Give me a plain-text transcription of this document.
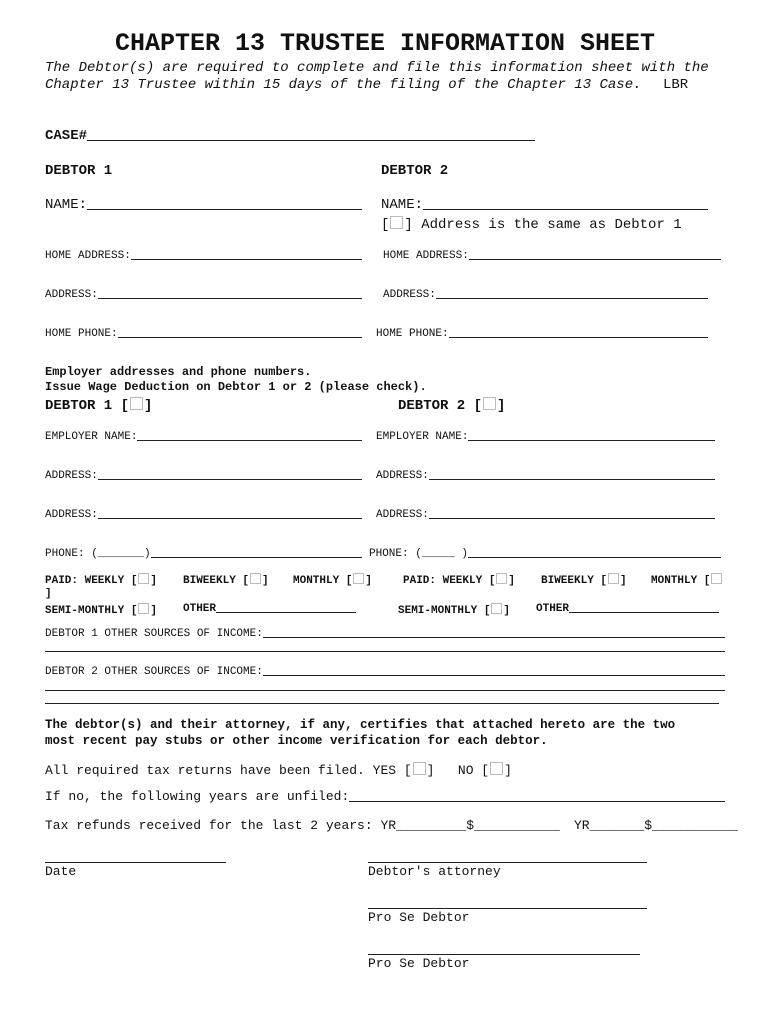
CHAPTER 13 TRUSTEE INFORMATION SHEET
The Debtor(s) are required to complete and file this information sheet with the
Chapter 13 Trustee within 15 days of the filing of the Chapter 13 Case. LBR
CASE#
DEBTOR 1	DEBTOR 2
NAME:	NAME:
[ ] Address is the same as Debtor 1
HOME ADDRESS:	HOME ADDRESS:
ADDRESS:	ADDRESS:
HOME PHONE:	HOME PHONE:
Employer addresses and phone numbers.
Issue Wage Deduction on Debtor 1 or 2 (please check).
DEBTOR 1 [ ]	DEBTOR 2 [ ]
EMPLOYER NAME:	EMPLOYER NAME:
ADDRESS:	ADDRESS:
ADDRESS:	ADDRESS:
PHONE: (_______)	PHONE: (_____ )
PAID: WEEKLY [ ] BIWEEKLY [ ] MONTHLY [ ]	PAID: WEEKLY [ ] BIWEEKLY [ ] MONTHLY [
]
SEMI-MONTHLY [ ] OTHER	SEMI-MONTHLY [ ] OTHER
DEBTOR 1 OTHER SOURCES OF INCOME:
DEBTOR 2 OTHER SOURCES OF INCOME:
The debtor(s) and their attorney, if any, certifies that attached hereto are the two
most recent pay stubs or other income verification for each debtor.
All required tax returns have been filed. YES [ ] NO [ ]
If no, the following years are unfiled:
Tax refunds received for the last 2 years: YR_________$___________ YR_______$___________
Date	Debtor's attorney
Pro Se Debtor
Pro Se Debtor
